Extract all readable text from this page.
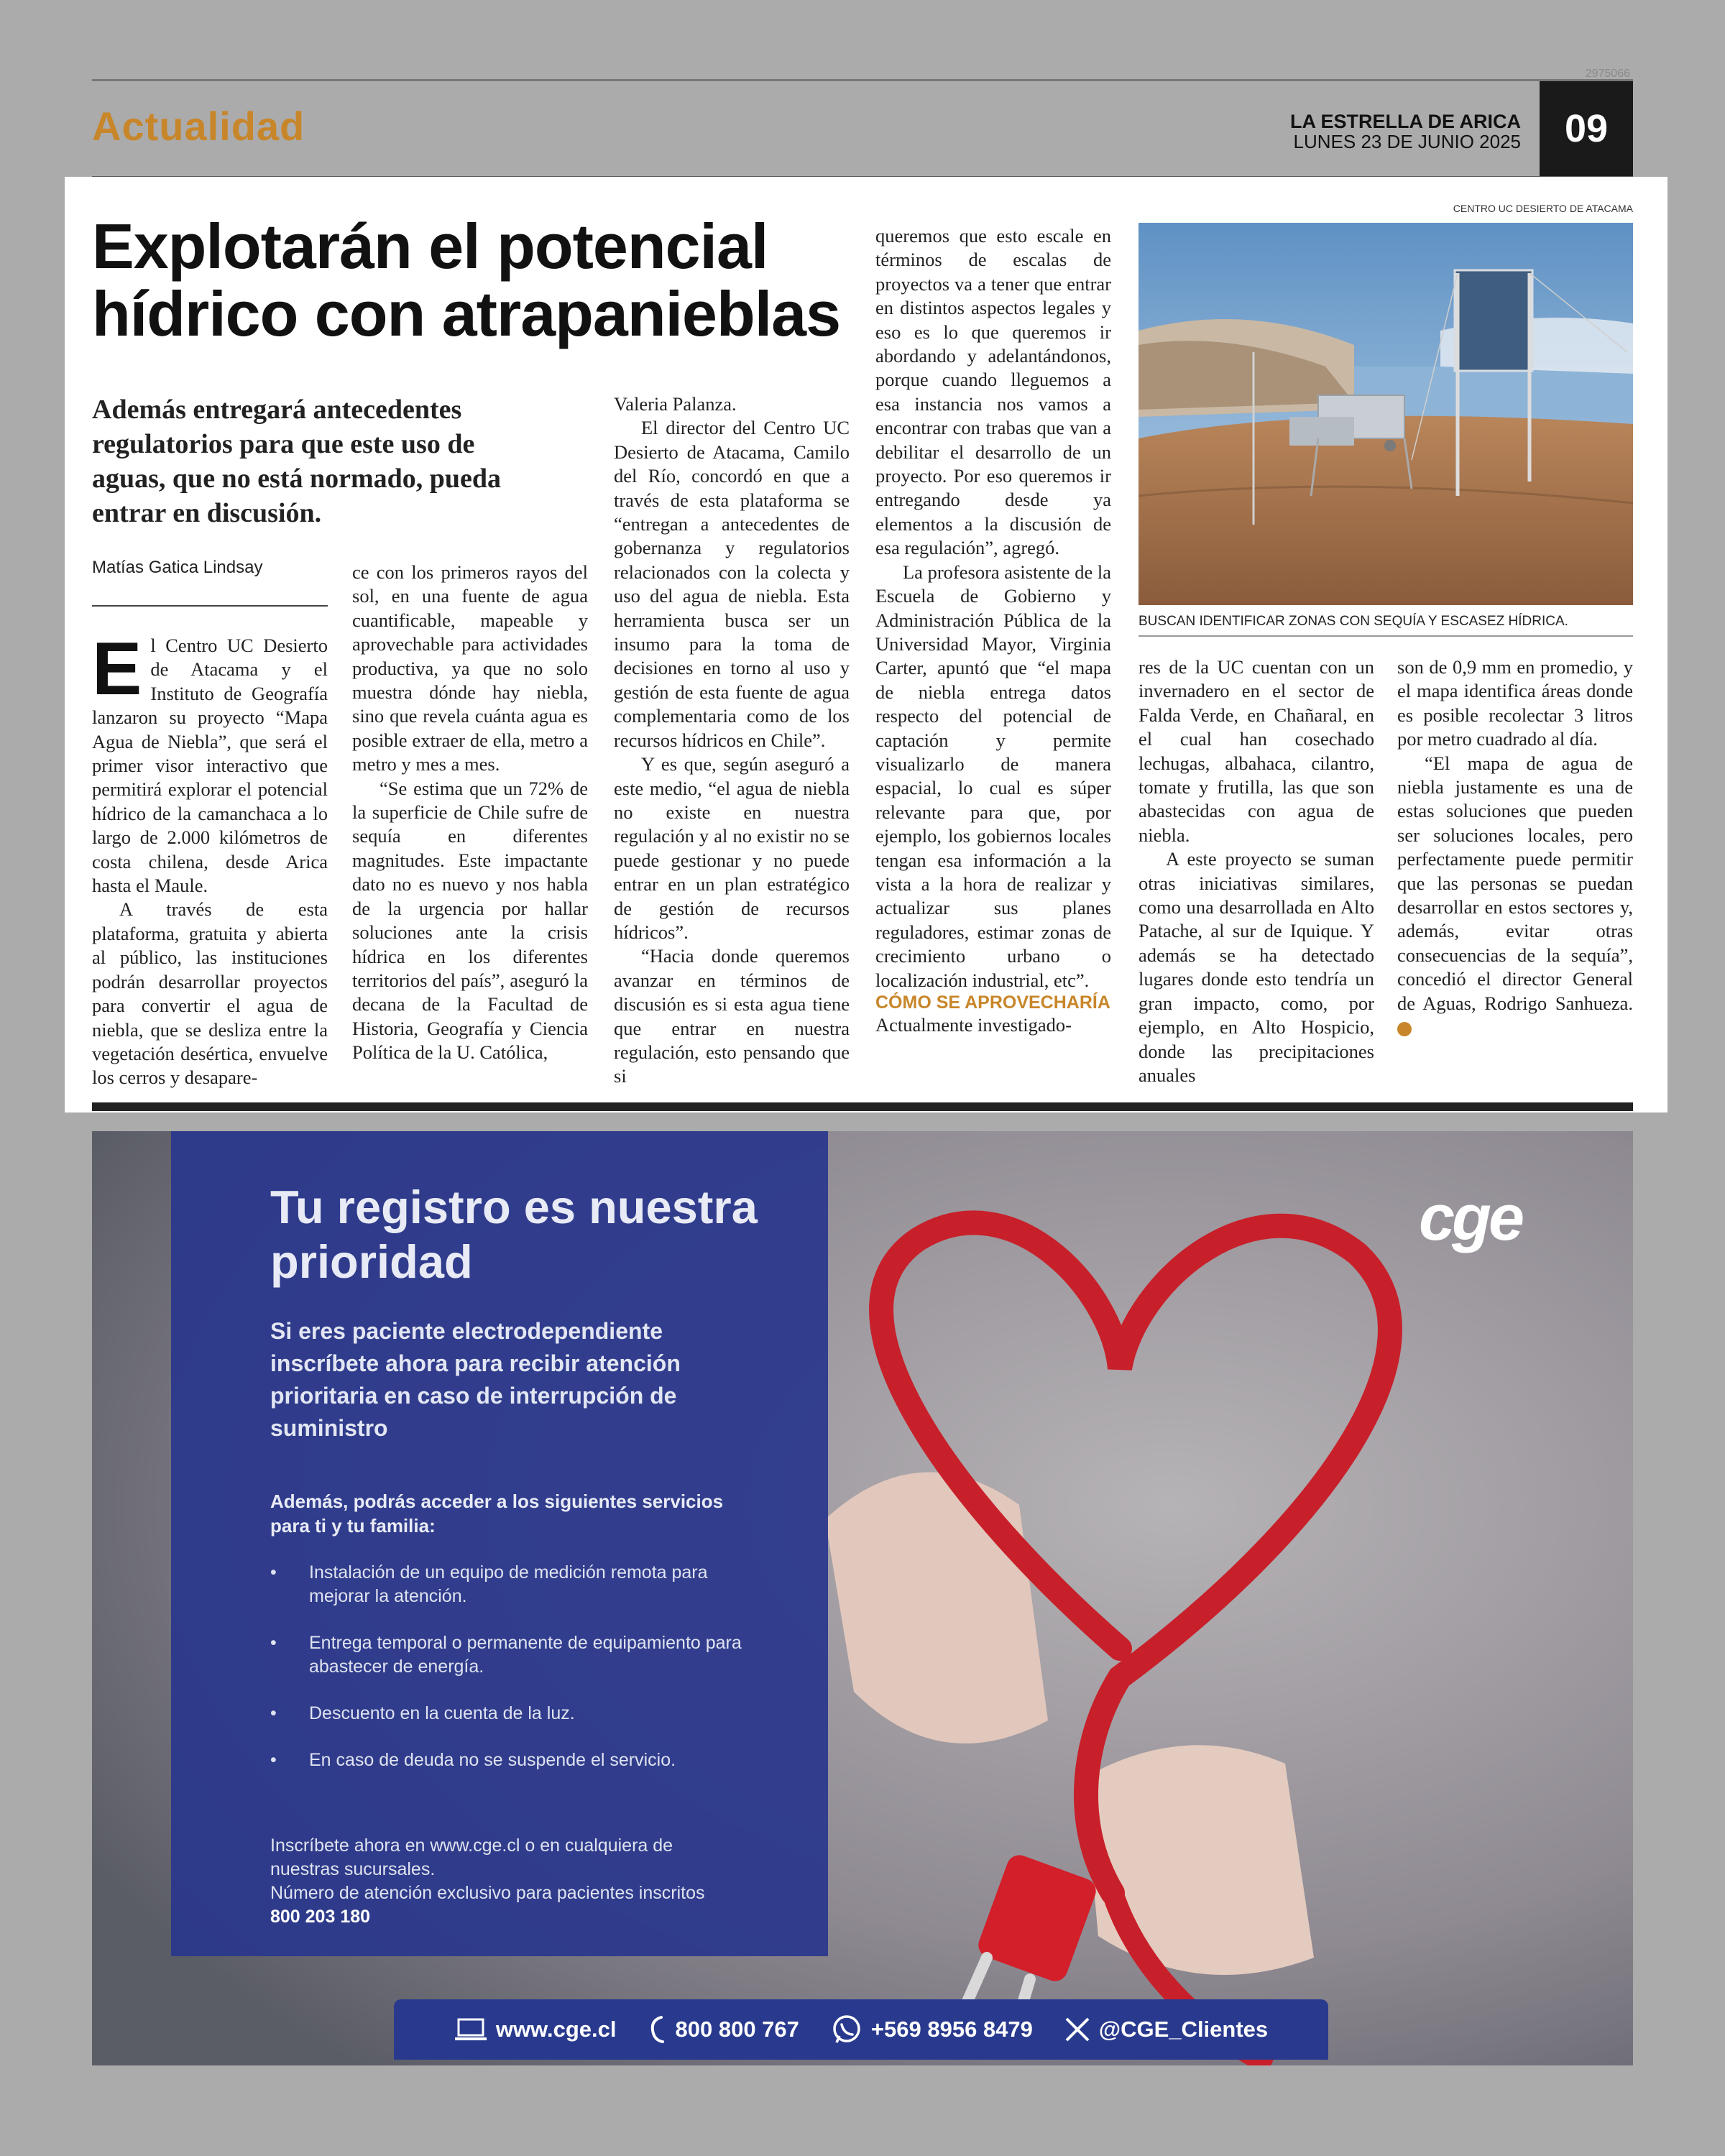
2975066
Actualidad	LA ESTRELLA DE ARICA
LUNES 23 DE JUNIO 2025	09
Explotarán el potencial hídrico con atrapanieblas
Además entregará antecedentes regulatorios para que este uso de aguas, que no está normado, pueda entrar en discusión.
Matías Gatica Lindsay

El Centro UC Desierto de Atacama y el Instituto de Geografía lanzaron su proyecto “Mapa Agua de Niebla”, que será el primer visor interactivo que permitirá explorar el potencial hídrico de la camanchaca a lo largo de 2.000 kilómetros de costa chilena, desde Arica hasta el Maule.

A través de esta plataforma, gratuita y abierta al público, las instituciones podrán desarrollar proyectos para convertir el agua de niebla, que se desliza entre la vegetación desértica, envuelve los cerros y desapare-

ce con los primeros rayos del sol, en una fuente de agua cuantificable, mapeable y aprovechable para actividades productiva, ya que no solo muestra dónde hay niebla, sino que revela cuánta agua es posible extraer de ella, metro a metro y mes a mes.

“Se estima que un 72% de la superficie de Chile sufre de sequía en diferentes magnitudes. Este impactante dato no es nuevo y nos habla de la urgencia por hallar soluciones ante la crisis hídrica en los diferentes territorios del país”, aseguró la decana de la Facultad de Historia, Geografía y Ciencia Política de la U. Católica,

Valeria Palanza.

El director del Centro UC Desierto de Atacama, Camilo del Río, concordó en que a través de esta plataforma se “entregan a antecedentes de gobernanza y regulatorios relacionados con la colecta y uso del agua de niebla. Esta herramienta busca ser un insumo para la toma de decisiones en torno al uso y gestión de esta fuente de agua complementaria como de los recursos hídricos en Chile”.

Y es que, según aseguró a este medio, “el agua de niebla no existe en nuestra regulación y al no existir no se puede gestionar y no puede entrar en un plan estratégico de gestión de recursos hídricos”.

“Hacia donde queremos avanzar en términos de discusión es si esta agua tiene que entrar en nuestra regulación, esto pensando que si

queremos que esto escale en términos de escalas de proyectos va a tener que entrar en distintos aspectos legales y eso es lo que queremos ir abordando y adelantándonos, porque cuando lleguemos a esa instancia nos vamos a encontrar con trabas que van a debilitar el desarrollo de un proyecto. Por eso queremos ir entregando desde ya elementos a la discusión de esa regulación”, agregó.

La profesora asistente de la Escuela de Gobierno y Administración Pública de la Universidad Mayor, Virginia Carter, apuntó que “el mapa de niebla entrega datos respecto del potencial de captación y permite visualizarlo de manera espacial, lo cual es súper relevante para que, por ejemplo, los gobiernos locales tengan esa información a la vista a la hora de realizar y actualizar sus planes reguladores, estimar zonas de crecimiento urbano o localización industrial, etc”.

CÓMO SE APROVECHARÍA

Actualmente investigado-

res de la UC cuentan con un invernadero en el sector de Falda Verde, en Chañaral, en el cual han cosechado lechugas, albahaca, cilantro, tomate y frutilla, las que son abastecidas con agua de niebla.

A este proyecto se suman otras iniciativas similares, como una desarrollada en Alto Patache, al sur de Iquique. Y además se ha detectado lugares donde esto tendría un gran impacto, como, por ejemplo, en Alto Hospicio, donde las precipitaciones anuales

son de 0,9 mm en promedio, y el mapa identifica áreas donde es posible recolectar 3 litros por metro cuadrado al día.

“El mapa de agua de niebla justamente es una de estas soluciones que pueden ser soluciones locales, pero perfectamente puede permitir que las personas se puedan desarrollar en estos sectores y, además, evitar otras consecuencias de la sequía”, concedió el director General de Aguas, Rodrigo Sanhueza. o

CENTRO UC DESIERTO DE ATACAMA
BUSCAN IDENTIFICAR ZONAS CON SEQUÍA Y ESCASEZ HÍDRICA.
Tu registro es nuestra prioridad
Si eres paciente electrodependiente inscríbete ahora para recibir atención prioritaria en caso de interrupción de suministro
Además, podrás acceder a los siguientes servicios para ti y tu familia:
• Instalación de un equipo de medición remota para mejorar la atención.
• Entrega temporal o permanente de equipamiento para abastecer de energía.
• Descuento en la cuenta de la luz.
• En caso de deuda no se suspende el servicio.
Inscríbete ahora en www.cge.cl o en cualquiera de nuestras sucursales.
Número de atención exclusivo para pacientes inscritos 800 203 180
cge
www.cge.cl	800 800 767	+569 8956 8479	@CGE_Clientes
